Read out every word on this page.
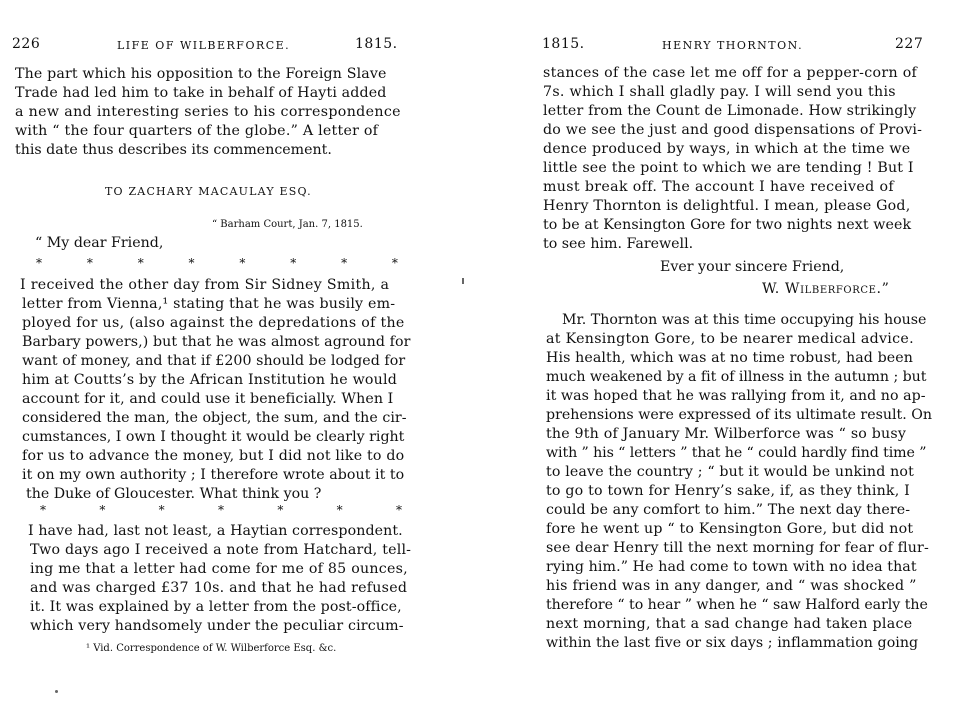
226	LIFE OF WILBERFORCE.	1815.
The part which his opposition to the Foreign Slave
Trade had led him to take in behalf of Hayti added
a new and interesting series to his correspondence
with “ the four quarters of the globe.” A letter of
this date thus describes its commencement.
TO ZACHARY MACAULAY ESQ.
“ Barham Court, Jan. 7, 1815.
“ My dear Friend,
*	*	*	*	*	*	*	*
I received the other day from Sir Sidney Smith, a
letter from Vienna,¹ stating that he was busily em-
ployed for us, (also against the depredations of the
Barbary powers,) but that he was almost aground for
want of money, and that if £200 should be lodged for
him at Coutts’s by the African Institution he would
account for it, and could use it beneficially. When I
considered the man, the object, the sum, and the cir-
cumstances, I own I thought it would be clearly right
for us to advance the money, but I did not like to do
it on my own authority ; I therefore wrote about it to
the Duke of Gloucester. What think you ?
*	*	*	*	*	*	*
I have had, last not least, a Haytian correspondent.
Two days ago I received a note from Hatchard, tell-
ing me that a letter had come for me of 85 ounces,
and was charged £37 10s. and that he had refused
it. It was explained by a letter from the post-office,
which very handsomely under the peculiar circum-
¹ Vid. Correspondence of W. Wilberforce Esq. &c.
1815.	HENRY THORNTON.	227
stances of the case let me off for a pepper-corn of
7s. which I shall gladly pay. I will send you this
letter from the Count de Limonade. How strikingly
do we see the just and good dispensations of Provi-
dence produced by ways, in which at the time we
little see the point to which we are tending ! But I
must break off. The account I have received of
Henry Thornton is delightful. I mean, please God,
to be at Kensington Gore for two nights next week
to see him. Farewell.
Ever your sincere Friend,
W. Wilberforce.”
Mr. Thornton was at this time occupying his house
at Kensington Gore, to be nearer medical advice.
His health, which was at no time robust, had been
much weakened by a fit of illness in the autumn ; but
it was hoped that he was rallying from it, and no ap-
prehensions were expressed of its ultimate result. On
the 9th of January Mr. Wilberforce was “ so busy
with ” his “ letters ” that he “ could hardly find time ”
to leave the country ; “ but it would be unkind not
to go to town for Henry’s sake, if, as they think, I
could be any comfort to him.” The next day there-
fore he went up “ to Kensington Gore, but did not
see dear Henry till the next morning for fear of flur-
rying him.” He had come to town with no idea that
his friend was in any danger, and “ was shocked ”
therefore “ to hear ” when he “ saw Halford early the
next morning, that a sad change had taken place
within the last five or six days ; inflammation going
